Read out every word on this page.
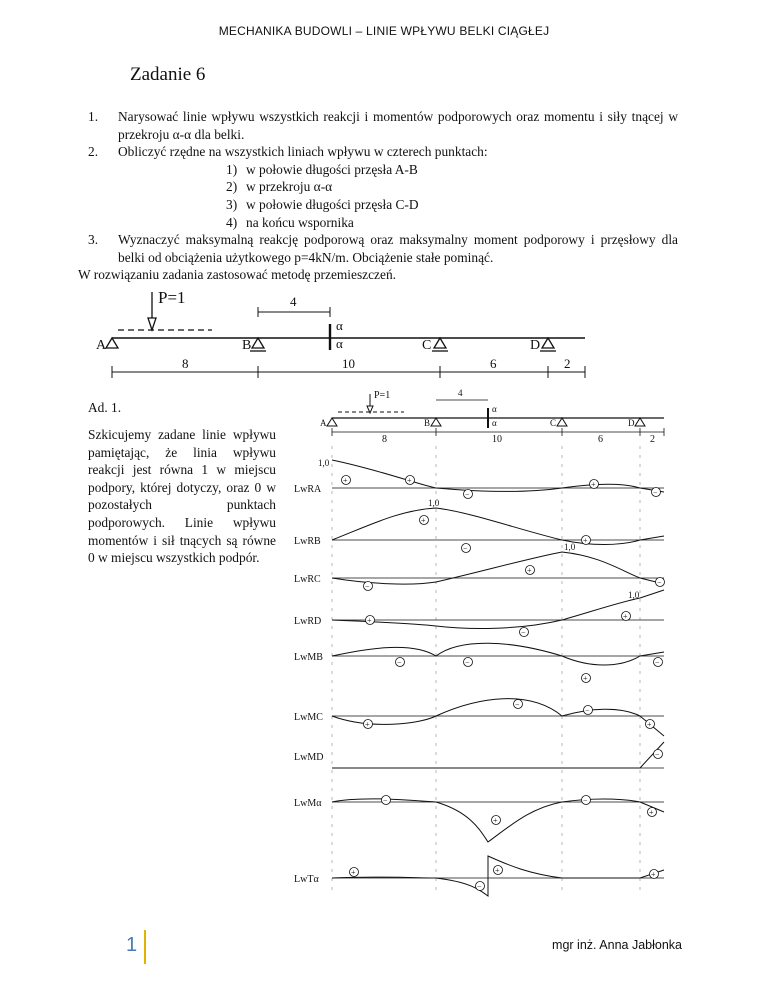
MECHANIKA BUDOWLI – LINIE WPŁYWU BELKI CIĄGŁEJ
Zadanie 6
1. Narysować linie wpływu wszystkich reakcji i momentów podporowych oraz momentu i siły tnącej w przekroju α-α dla belki.
2. Obliczyć rzędne na wszystkich liniach wpływu w czterech punktach:
1) w połowie długości przęsła A-B
2) w przekroju α-α
3) w połowie długości przęsła C-D
4) na końcu wspornika
3. Wyznaczyć maksymalną reakcję podporową oraz maksymalny moment podporowy i przęsłowy dla belki od obciążenia użytkowego p=4kN/m. Obciążenie stałe pominąć.
W rozwiązaniu zadania zastosować metodę przemieszczeń.
P=1	4
α
α
A	B	C	D
8	10	6	2
Ad. 1.
Szkicujemy zadane linie wpływu pamiętając, że linia wpływu reakcji jest równa 1 w miejscu podpory, której dotyczy, oraz 0 w pozostałych punktach podporowych. Linie wpływu momentów i sił tnących są równe 0 w miejscu wszystkich podpór.
P=1	4
α
α
A	B	C	D
8	10	6	2
LwRA
1,0
+	+
−
+
−
LwRB
1,0
+
−
+
LwRC
1,0
−
+
−
LwRD
1,0
+
−
+
LwMB	−	−
+
−
LwMC
+
−
−
+
LwMD	−
LwMα	−
+
−
+
LwTα
+
−
+	+
1	mgr inż. Anna Jabłonka
